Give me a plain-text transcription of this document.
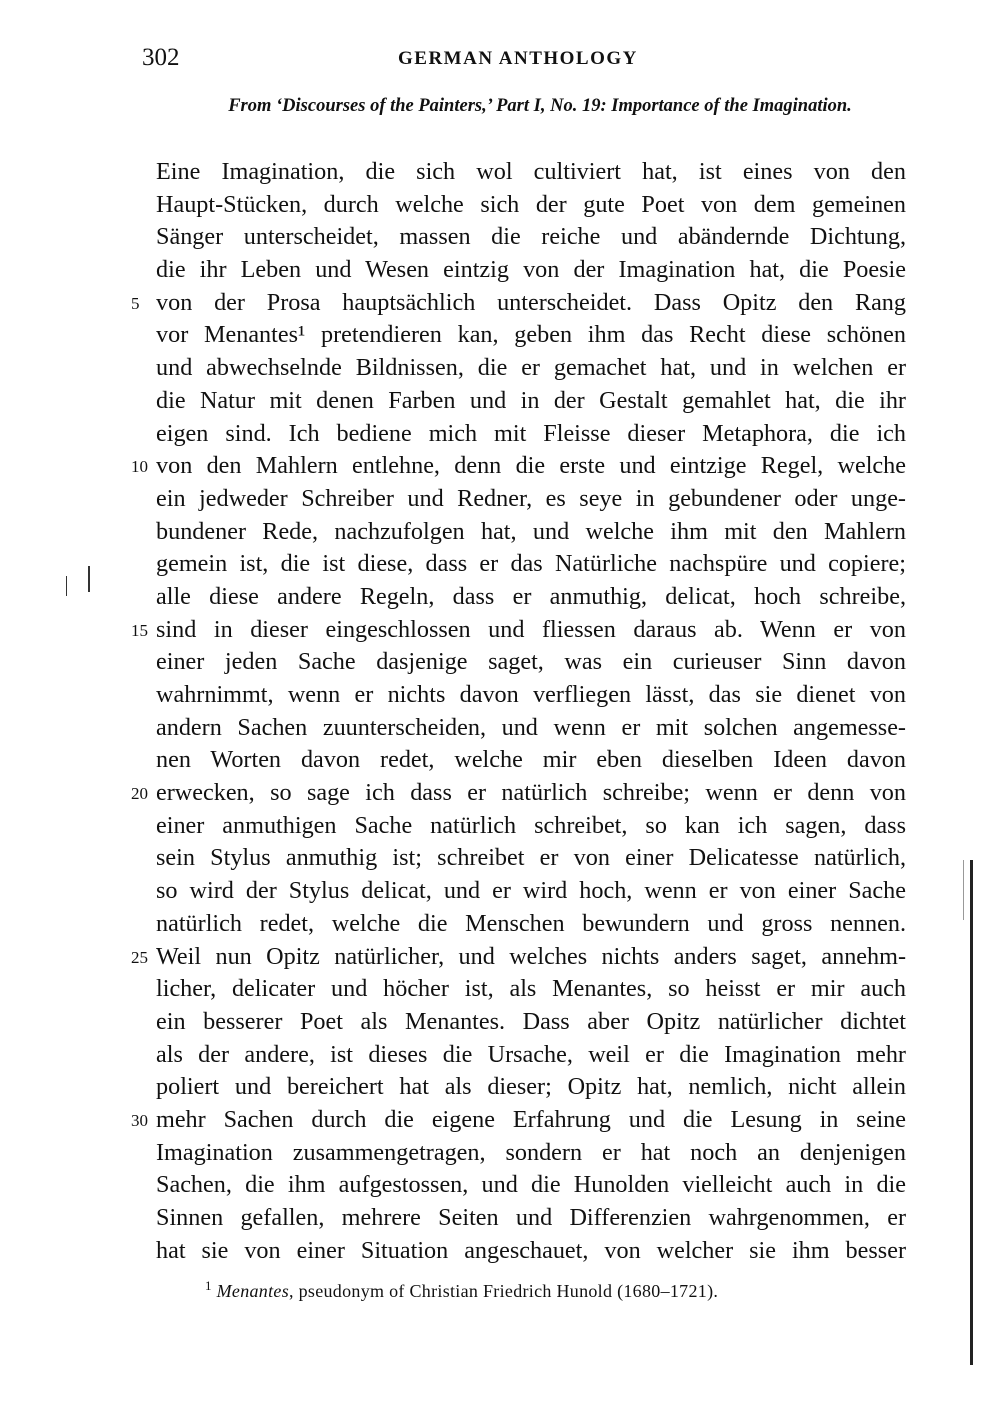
302	GERMAN ANTHOLOGY
From ‘Discourses of the Painters,’ Part I, No. 19: Importance of the Imagination.
Eine Imagination, die sich wol cultiviert hat, ist eines von den
Haupt-Stücken, durch welche sich der gute Poet von dem gemeinen
Sänger unterscheidet, massen die reiche und abändernde Dichtung,
die ihr Leben und Wesen eintzig von der Imagination hat, die Poesie
5 von der Prosa hauptsächlich unterscheidet. Dass Opitz den Rang
vor Menantes¹ pretendieren kan, geben ihm das Recht diese schönen
und abwechselnde Bildnissen, die er gemachet hat, und in welchen er
die Natur mit denen Farben und in der Gestalt gemahlet hat, die ihr
eigen sind. Ich bediene mich mit Fleisse dieser Metaphora, die ich
10 von den Mahlern entlehne, denn die erste und eintzige Regel, welche
ein jedweder Schreiber und Redner, es seye in gebundener oder unge-
bundener Rede, nachzufolgen hat, und welche ihm mit den Mahlern
gemein ist, die ist diese, dass er das Natürliche nachspüre und copiere;
alle diese andere Regeln, dass er anmuthig, delicat, hoch schreibe,
15 sind in dieser eingeschlossen und fliessen daraus ab. Wenn er von
einer jeden Sache dasjenige saget, was ein curieuser Sinn davon
wahrnimmt, wenn er nichts davon verfliegen lässt, das sie dienet von
andern Sachen zuunterscheiden, und wenn er mit solchen angemesse-
nen Worten davon redet, welche mir eben dieselben Ideen davon
20 erwecken, so sage ich dass er natürlich schreibe; wenn er denn von
einer anmuthigen Sache natürlich schreibet, so kan ich sagen, dass
sein Stylus anmuthig ist; schreibet er von einer Delicatesse natürlich,
so wird der Stylus delicat, und er wird hoch, wenn er von einer Sache
natürlich redet, welche die Menschen bewundern und gross nennen.
25 Weil nun Opitz natürlicher, und welches nichts anders saget, annehm-
licher, delicater und höcher ist, als Menantes, so heisst er mir auch
ein besserer Poet als Menantes. Dass aber Opitz natürlicher dichtet
als der andere, ist dieses die Ursache, weil er die Imagination mehr
poliert und bereichert hat als dieser; Opitz hat, nemlich, nicht allein
30 mehr Sachen durch die eigene Erfahrung und die Lesung in seine
Imagination zusammengetragen, sondern er hat noch an denjenigen
Sachen, die ihm aufgestossen, und die Hunolden vielleicht auch in die
Sinnen gefallen, mehrere Seiten und Differenzien wahrgenommen, er
hat sie von einer Situation angeschauet, von welcher sie ihm besser
$^1$ Menantes, pseudonym of Christian Friedrich Hunold (1680–1721).
